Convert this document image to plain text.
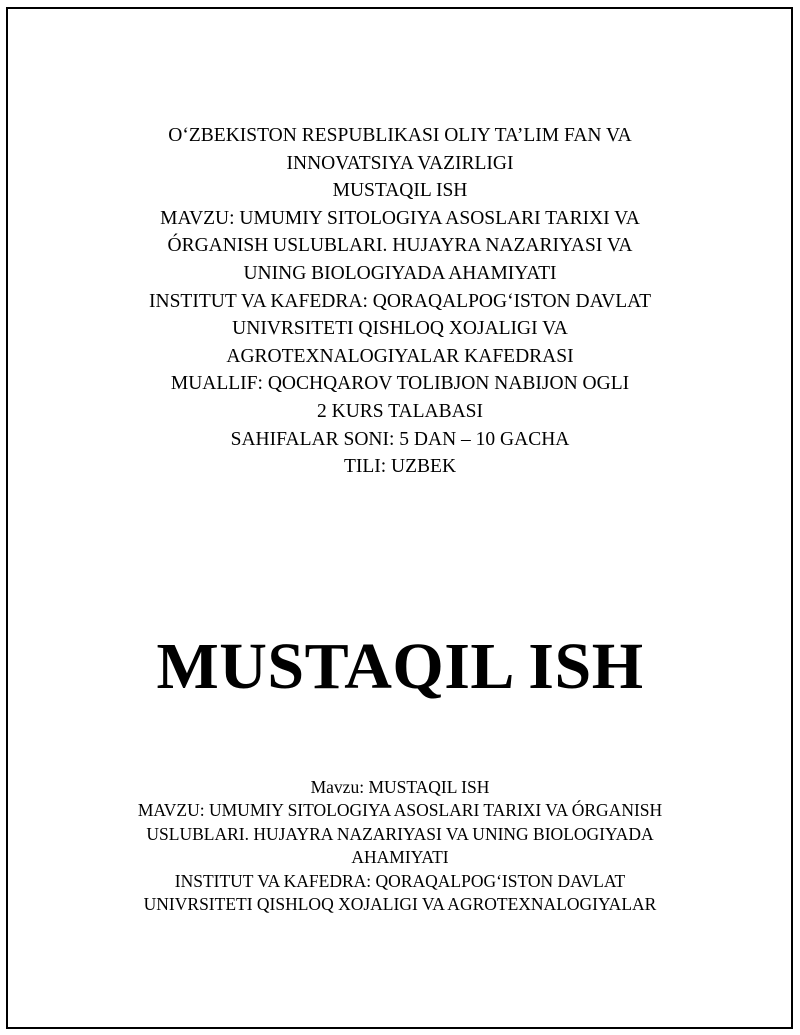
O‘ZBEKISTON RESPUBLIKASI OLIY TA’LIM FAN VA
INNOVATSIYA VAZIRLIGI
MUSTAQIL ISH
MAVZU: UMUMIY SITOLOGIYA ASOSLARI TARIXI VA
ÓRGANISH USLUBLARI. HUJAYRA NAZARIYASI VA
UNING BIOLOGIYADA AHAMIYATI
INSTITUT VA KAFEDRA: QORAQALPOG‘ISTON DAVLAT
UNIVRSITETI QISHLOQ XOJALIGI VA
AGROTEXNALOGIYALAR KAFEDRASI
MUALLIF: QOCHQAROV TOLIBJON NABIJON OGLI
2 KURS TALABASI
SAHIFALAR SONI: 5 DAN – 10 GACHA
TILI: UZBEK
MUSTAQIL ISH
Mavzu: MUSTAQIL ISH
MAVZU: UMUMIY SITOLOGIYA ASOSLARI TARIXI VA ÓRGANISH
USLUBLARI. HUJAYRA NAZARIYASI VA UNING BIOLOGIYADA
AHAMIYATI
INSTITUT VA KAFEDRA: QORAQALPOG‘ISTON DAVLAT
UNIVRSITETI QISHLOQ XOJALIGI VA AGROTEXNALOGIYALAR
